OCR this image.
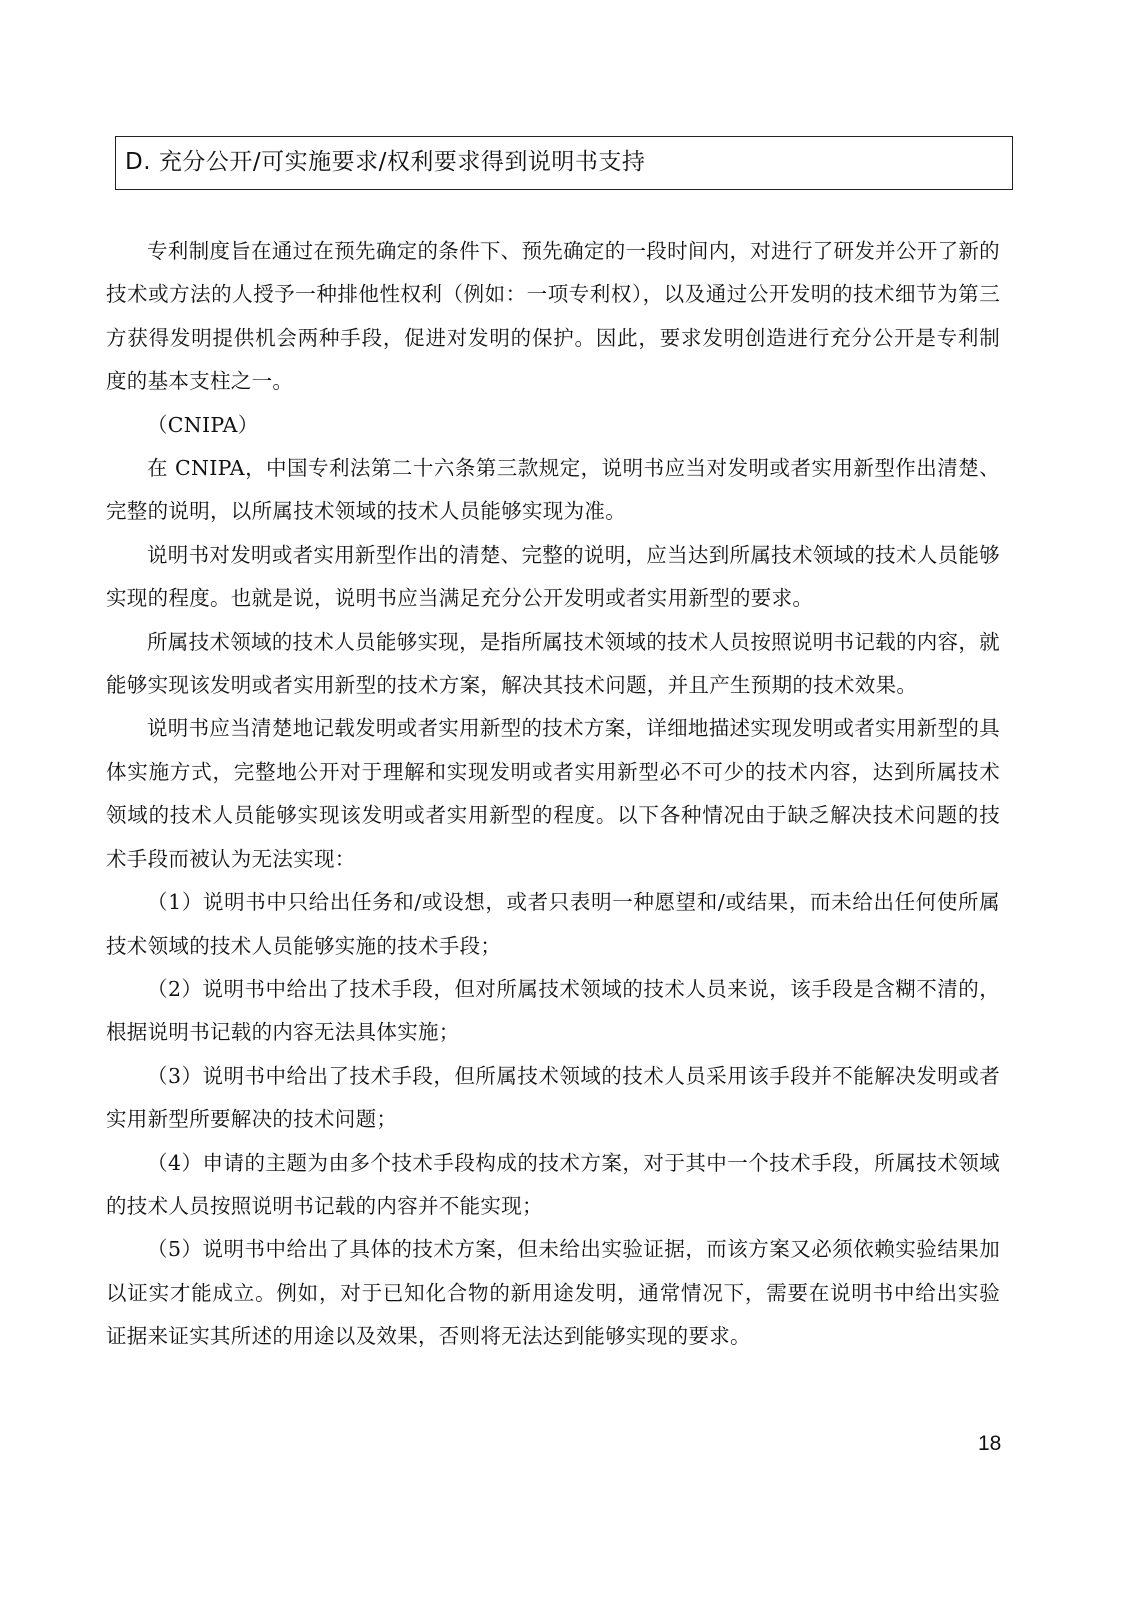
D. 充分公开/可实施要求/权利要求得到说明书支持

专利制度旨在通过在预先确定的条件下、预先确定的一段时间内，对进行了研发并公开了新的技术或方法的人授予一种排他性权利（例如：一项专利权），以及通过公开发明的技术细节为第三方获得发明提供机会两种手段，促进对发明的保护。因此，要求发明创造进行充分公开是专利制度的基本支柱之一。

（CNIPA）

在 CNIPA，中国专利法第二十六条第三款规定，说明书应当对发明或者实用新型作出清楚、完整的说明，以所属技术领域的技术人员能够实现为准。

说明书对发明或者实用新型作出的清楚、完整的说明，应当达到所属技术领域的技术人员能够实现的程度。也就是说，说明书应当满足充分公开发明或者实用新型的要求。

所属技术领域的技术人员能够实现，是指所属技术领域的技术人员按照说明书记载的内容，就能够实现该发明或者实用新型的技术方案，解决其技术问题，并且产生预期的技术效果。

说明书应当清楚地记载发明或者实用新型的技术方案，详细地描述实现发明或者实用新型的具体实施方式，完整地公开对于理解和实现发明或者实用新型必不可少的技术内容，达到所属技术领域的技术人员能够实现该发明或者实用新型的程度。以下各种情况由于缺乏解决技术问题的技术手段而被认为无法实现：

（1）说明书中只给出任务和/或设想，或者只表明一种愿望和/或结果，而未给出任何使所属技术领域的技术人员能够实施的技术手段；

（2）说明书中给出了技术手段，但对所属技术领域的技术人员来说，该手段是含糊不清的，根据说明书记载的内容无法具体实施；

（3）说明书中给出了技术手段，但所属技术领域的技术人员采用该手段并不能解决发明或者实用新型所要解决的技术问题；

（4）申请的主题为由多个技术手段构成的技术方案，对于其中一个技术手段，所属技术领域的技术人员按照说明书记载的内容并不能实现；

（5）说明书中给出了具体的技术方案，但未给出实验证据，而该方案又必须依赖实验结果加以证实才能成立。例如，对于已知化合物的新用途发明，通常情况下，需要在说明书中给出实验证据来证实其所述的用途以及效果，否则将无法达到能够实现的要求。

18
